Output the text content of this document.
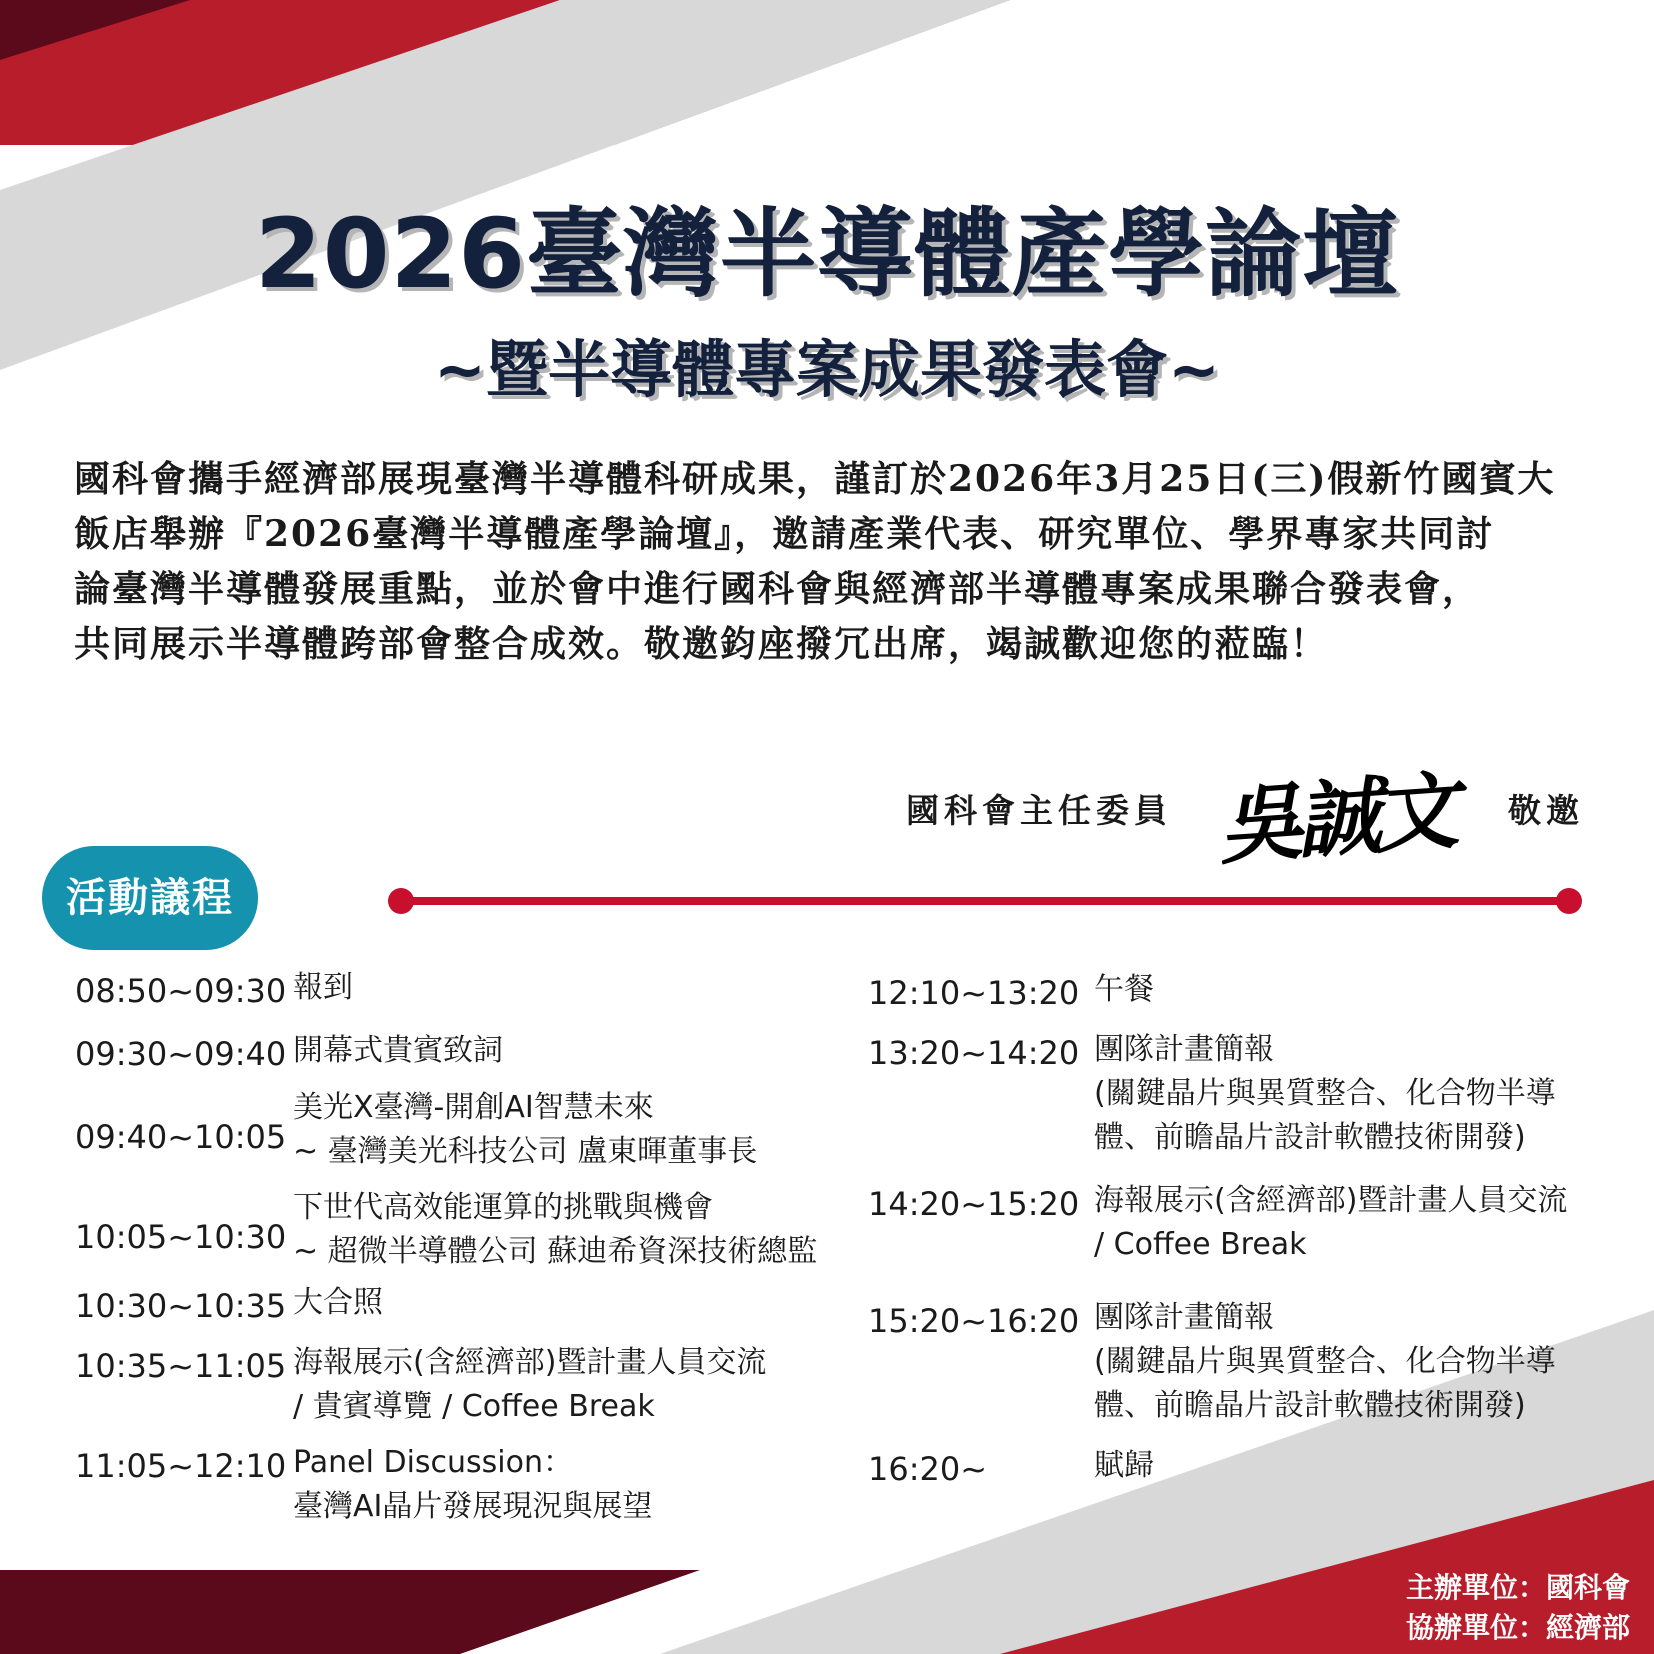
2026臺灣半導體產學論壇
~暨半導體專案成果發表會~
國科會攜手經濟部展現臺灣半導體科研成果，謹訂於2026年3月25日(三)假新竹國賓大
飯店舉辦『2026臺灣半導體產學論壇』，邀請產業代表、研究單位、學界專家共同討
論臺灣半導體發展重點，並於會中進行國科會與經濟部半導體專案成果聯合發表會，
共同展示半導體跨部會整合成效。敬邀鈞座撥冗出席，竭誠歡迎您的蒞臨！
國科會主任委員 吳誠文 敬邀
活動議程
08:50~09:30 報到
09:30~09:40 開幕式貴賓致詞
09:40~10:05
美光X臺灣-開創AI智慧未來
~ 臺灣美光科技公司 盧東暉董事長
10:05~10:30
下世代高效能運算的挑戰與機會
~ 超微半導體公司 蘇迪希資深技術總監
10:30~10:35 大合照
10:35~11:05 海報展示(含經濟部)暨計畫人員交流
/ 貴賓導覽 / Coffee Break
11:05~12:10 Panel Discussion：
臺灣AI晶片發展現況與展望
12:10~13:20 午餐
13:20~14:20 團隊計畫簡報
(關鍵晶片與異質整合、化合物半導
體、前瞻晶片設計軟體技術開發)
14:20~15:20 海報展示(含經濟部)暨計畫人員交流
/ Coffee Break
15:20~16:20 團隊計畫簡報
(關鍵晶片與異質整合、化合物半導
體、前瞻晶片設計軟體技術開發)
16:20~	賦歸
主辦單位：國科會
協辦單位：經濟部
